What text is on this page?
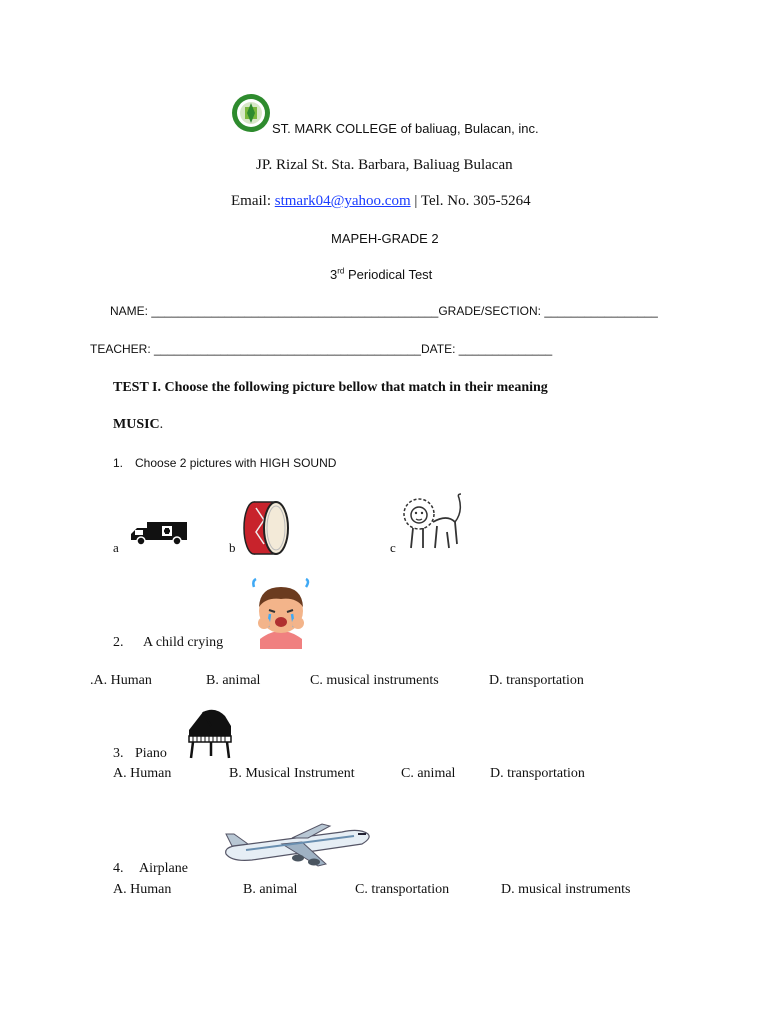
ST. MARK COLLEGE of baliuag, Bulacan, inc.
JP. Rizal St. Sta. Barbara, Baliuag Bulacan
Email: stmark04@yahoo.com | Tel. No. 305-5264
MAPEH-GRADE 2
3rd Periodical Test
NAME: ___________________________________________GRADE/SECTION: _________________
TEACHER: ________________________________________DATE: ______________
TEST I. Choose the following picture bellow that match in their meaning
MUSIC.
1. Choose 2 pictures with HIGH SOUND
a	b	c
2. A child crying
.A. Human	B. animal	C. musical instruments	D. transportation
3. Piano
A. Human	B. Musical Instrument	C. animal D. transportation
4. Airplane
A. Human	B. animal	C. transportation	D. musical instruments
